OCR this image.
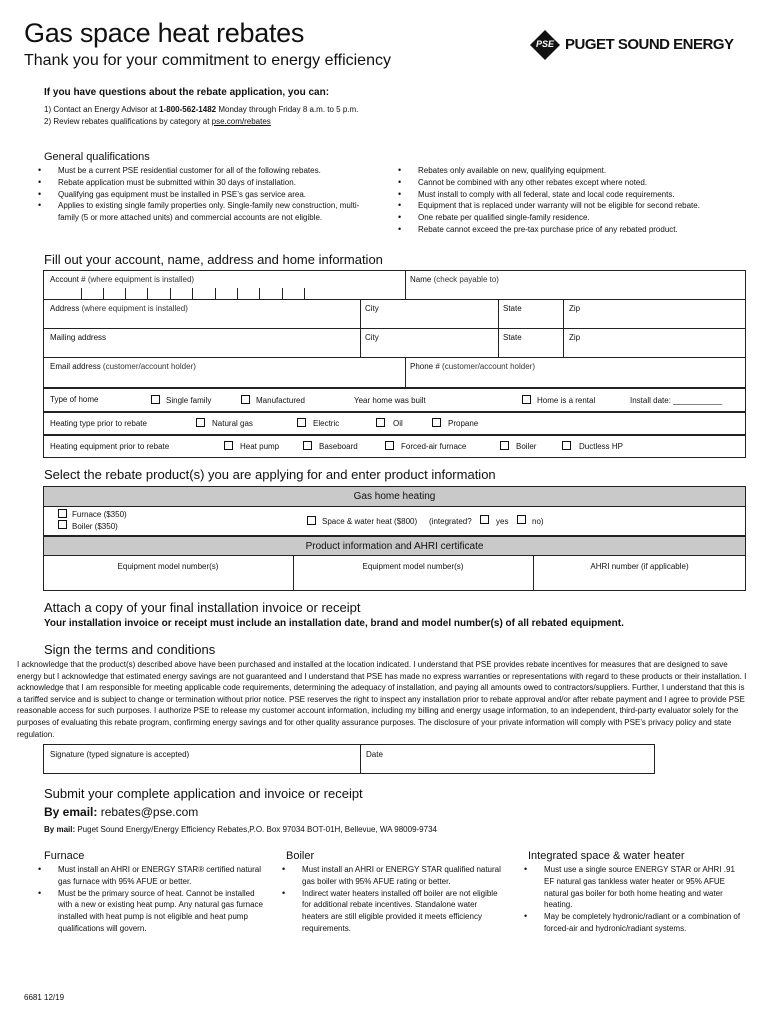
Gas space heat rebates
Thank you for your commitment to energy efficiency
PSE PUGET SOUND ENERGY
If you have questions about the rebate application, you can:
1) Contact an Energy Advisor at 1-800-562-1482 Monday through Friday 8 a.m. to 5 p.m.
2) Review rebates qualifications by category at pse.com/rebates
General qualifications
• Must be a current PSE residential customer for all of the following rebates.
• Rebate application must be submitted within 30 days of installation.
• Qualifying gas equipment must be installed in PSE’s gas service area.
• Applies to existing single family properties only. Single-family new construction, multi-family (5 or more attached units) and commercial accounts are not eligible.
• Rebates only available on new, qualifying equipment.
• Cannot be combined with any other rebates except where noted.
• Must install to comply with all federal, state and local code requirements.
• Equipment that is replaced under warranty will not be eligible for second rebate.
• One rebate per qualified single-family residence.
• Rebate cannot exceed the pre-tax purchase price of any rebated product.
Fill out your account, name, address and home information
Account # (where equipment is installed)	Name (check payable to)
Address (where equipment is installed)	City	State	Zip
Mailing address	City	State	Zip
Email address (customer/account holder)	Phone # (customer/account holder)
Type of home	Single family	Manufactured	Year home was built	Home is a rental	Install date: ___________
Heating type prior to rebate	Natural gas	Electric	Oil	Propane
Heating equipment prior to rebate	Heat pump	Baseboard	Forced-air furnace	Boiler	Ductless HP
Select the rebate product(s) you are applying for and enter product information
Gas home heating
Furnace ($350)
Boiler ($350)
Space & water heat ($800) (integrated?	yes	no)
Product information and AHRI certificate
Equipment model number(s)	Equipment model number(s)	AHRI number (if applicable)
Attach a copy of your final installation invoice or receipt
Your installation invoice or receipt must include an installation date, brand and model number(s) of all rebated equipment.
Sign the terms and conditions
I acknowledge that the product(s) described above have been purchased and installed at the location indicated. I understand that PSE provides rebate incentives for measures that are designed to save energy but I acknowledge that estimated energy savings are not guaranteed and I understand that PSE has made no express warranties or representations with regard to these products or their installation. I acknowledge that I am responsible for meeting applicable code requirements, determining the adequacy of installation, and paying all amounts owed to contractors/suppliers. Further, I understand that this is a tariffed service and is subject to change or termination without prior notice. PSE reserves the right to inspect any installation prior to rebate approval and/or after rebate payment and I agree to provide PSE reasonable access for such purposes. I authorize PSE to release my customer account information, including my billing and energy usage information, to an independent, third-party evaluator solely for the purposes of evaluating this rebate program, confirming energy savings and for other quality assurance purposes. The disclosure of your private information will comply with PSE’s privacy policy and state regulation.
Signature (typed signature is accepted)	Date
Submit your complete application and invoice or receipt
By email: rebates@pse.com
By mail: Puget Sound Energy/Energy Efficiency Rebates,P.O. Box 97034 BOT-01H, Bellevue, WA 98009-9734
Furnace
• Must install an AHRI or ENERGY STAR® certified natural gas furnace with 95% AFUE or better.
• Must be the primary source of heat. Cannot be installed with a new or existing heat pump. Any natural gas furnace installed with heat pump is not eligible and heat pump qualifications will govern.
Boiler
• Must install an AHRI or ENERGY STAR qualified natural gas boiler with 95% AFUE rating or better.
• Indirect water heaters installed off boiler are not eligible for additional rebate incentives. Standalone water heaters are still eligible provided it meets efficiency requirements.
Integrated space & water heater
• Must use a single source ENERGY STAR or AHRI .91 EF natural gas tankless water heater or 95% AFUE natural gas boiler for both home heating and water heating.
• May be completely hydronic/radiant or a combination of forced-air and hydronic/radiant systems.
6681 12/19
